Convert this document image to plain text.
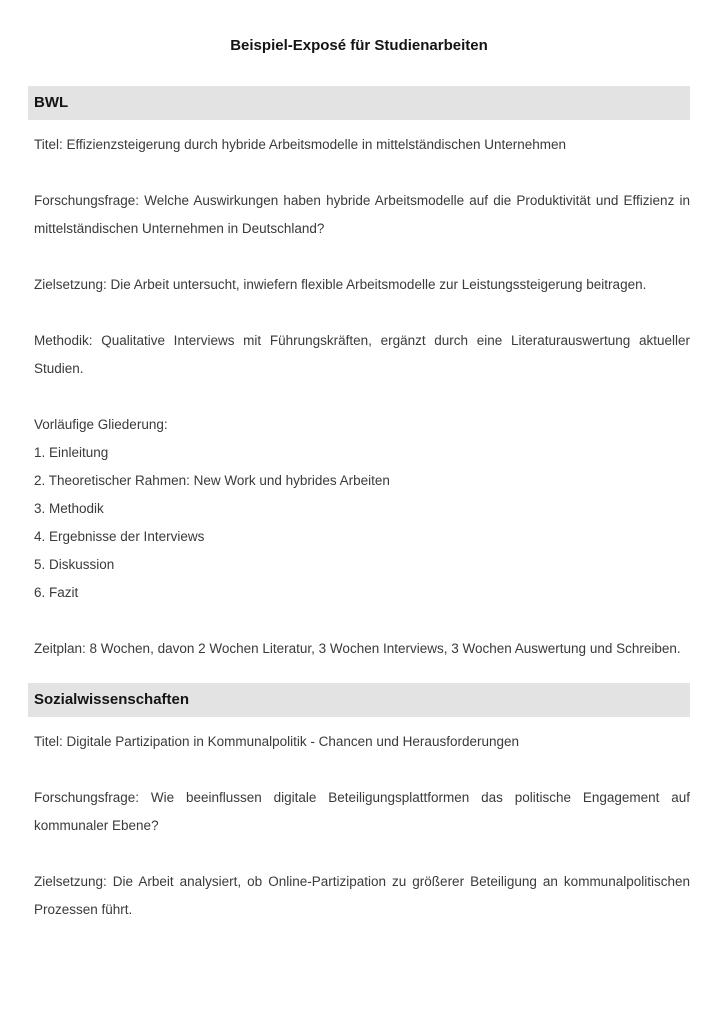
Beispiel-Exposé für Studienarbeiten
BWL

Titel: Effizienzsteigerung durch hybride Arbeitsmodelle in mittelständischen Unternehmen

Forschungsfrage: Welche Auswirkungen haben hybride Arbeitsmodelle auf die Produktivität und Effizienz in mittelständischen Unternehmen in Deutschland?

Zielsetzung: Die Arbeit untersucht, inwiefern flexible Arbeitsmodelle zur Leistungssteigerung beitragen.

Methodik: Qualitative Interviews mit Führungskräften, ergänzt durch eine Literaturauswertung aktueller Studien.

Vorläufige Gliederung:
1. Einleitung
2. Theoretischer Rahmen: New Work und hybrides Arbeiten
3. Methodik
4. Ergebnisse der Interviews
5. Diskussion
6. Fazit

Zeitplan: 8 Wochen, davon 2 Wochen Literatur, 3 Wochen Interviews, 3 Wochen Auswertung und Schreiben.

Sozialwissenschaften

Titel: Digitale Partizipation in Kommunalpolitik - Chancen und Herausforderungen

Forschungsfrage: Wie beeinflussen digitale Beteiligungsplattformen das politische Engagement auf kommunaler Ebene?

Zielsetzung: Die Arbeit analysiert, ob Online-Partizipation zu größerer Beteiligung an kommunalpolitischen Prozessen führt.
